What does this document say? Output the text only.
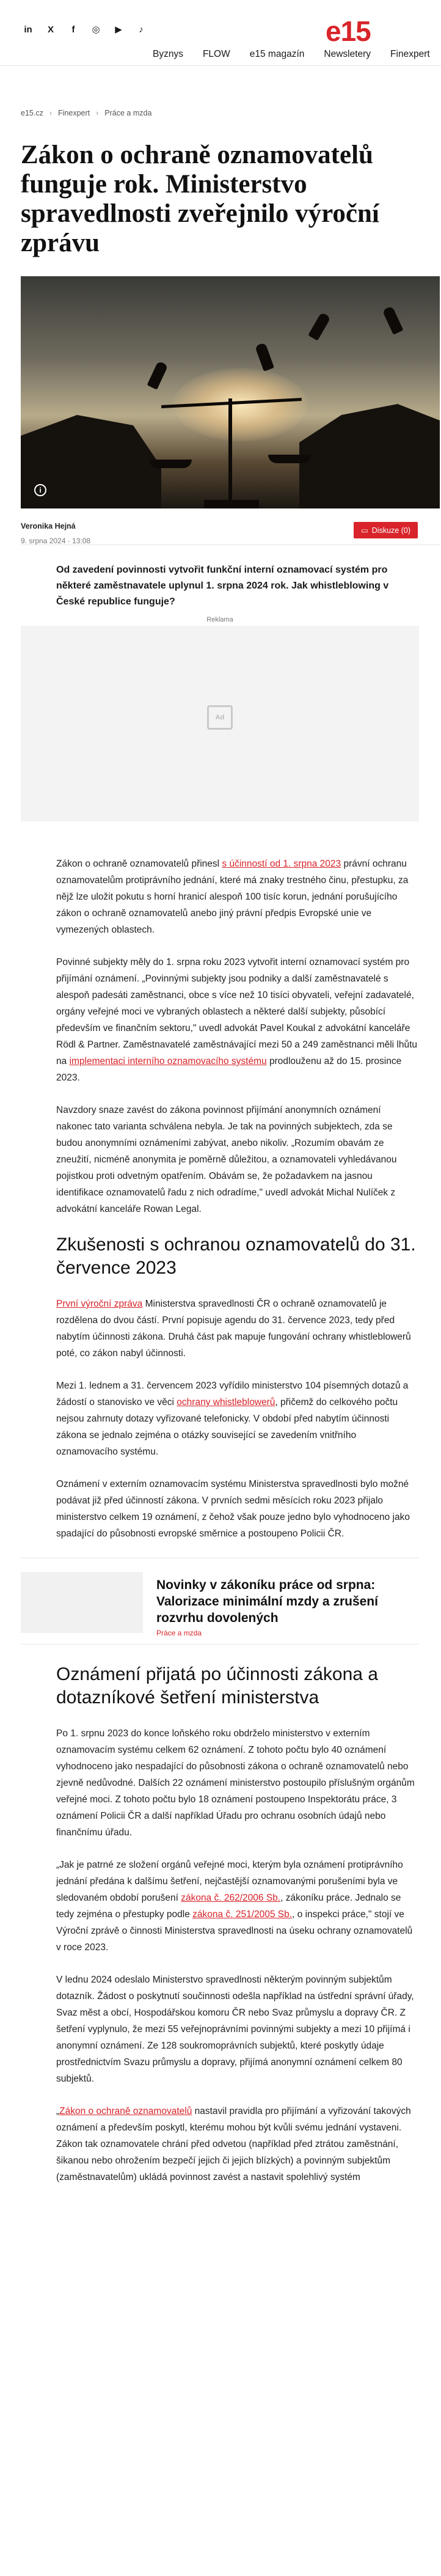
in	X	f	◎ ▶	♪	e15
Byznys	FLOW	e15 magazín	Newsletery	Finexpert
e15.cz › Finexpert › Práce a mzda
Zákon o ochraně oznamovatelů funguje rok. Ministerstvo spravedlnosti zveřejnilo výroční zprávu
i
Veronika Hejná
9. srpna 2024 · 13:08
▭ Diskuze (0)

Od zavedení povinnosti vytvořit funkční interní oznamovací systém pro některé zaměstnavatele uplynul 1. srpna 2024 rok. Jak whistleblowing v České republice funguje?

Reklama
Ad

Zákon o ochraně oznamovatelů přinesl s účinností od 1. srpna 2023 právní ochranu oznamovatelům protiprávního jednání, které má znaky trestného činu, přestupku, za nějž lze uložit pokutu s horní hranicí alespoň 100 tisíc korun, jednání porušujícího zákon o ochraně oznamovatelů anebo jiný právní předpis Evropské unie ve vymezených oblastech.

Povinné subjekty měly do 1. srpna roku 2023 vytvořit interní oznamovací systém pro přijímání oznámení. „Povinnými subjekty jsou podniky a další zaměstnavatelé s alespoň padesáti zaměstnanci, obce s více než 10 tisíci obyvateli, veřejní zadavatelé, orgány veřejné moci ve vybraných oblastech a některé další subjekty, působící především ve finančním sektoru," uvedl advokát Pavel Koukal z advokátní kanceláře Rödl & Partner. Zaměstnavatelé zaměstnávající mezi 50 a 249 zaměstnanci měli lhůtu na implementaci interního oznamovacího systému prodlouženu až do 15. prosince 2023.

Navzdory snaze zavést do zákona povinnost přijímání anonymních oznámení nakonec tato varianta schválena nebyla. Je tak na povinných subjektech, zda se budou anonymními oznámeními zabývat, anebo nikoliv. „Rozumím obavám ze zneužití, nicméně anonymita je poměrně důležitou, a oznamovateli vyhledávanou pojistkou proti odvetným opatřením. Obávám se, že požadavkem na jasnou identifikace oznamovatelů řadu z nich odradíme," uvedl advokát Michal Nulíček z advokátní kanceláře Rowan Legal.

Zkušenosti s ochranou oznamovatelů do 31. července 2023

První výroční zpráva Ministerstva spravedlnosti ČR o ochraně oznamovatelů je rozdělena do dvou částí. První popisuje agendu do 31. července 2023, tedy před nabytím účinnosti zákona. Druhá část pak mapuje fungování ochrany whistleblowerů poté, co zákon nabyl účinnosti.

Mezi 1. lednem a 31. červencem 2023 vyřídilo ministerstvo 104 písemných dotazů a žádostí o stanovisko ve věci ochrany whistleblowerů, přičemž do celkového počtu nejsou zahrnuty dotazy vyřizované telefonicky. V období před nabytím účinnosti zákona se jednalo zejména o otázky související se zavedením vnitřního oznamovacího systému.

Oznámení v externím oznamovacím systému Ministerstva spravedlnosti bylo možné podávat již před účinností zákona. V prvních sedmi měsících roku 2023 přijalo ministerstvo celkem 19 oznámení, z čehož však pouze jedno bylo vyhodnoceno jako spadající do působnosti evropské směrnice a postoupeno Policii ČR.

Novinky v zákoníku práce od srpna: Valorizace minimální mzdy a zrušení rozvrhu dovolených
Práce a mzda
Oznámení přijatá po účinnosti zákona a dotazníkové šetření ministerstva

Po 1. srpnu 2023 do konce loňského roku obdrželo ministerstvo v externím oznamovacím systému celkem 62 oznámení. Z tohoto počtu bylo 40 oznámení vyhodnoceno jako nespadající do působnosti zákona o ochraně oznamovatelů nebo zjevně nedůvodné. Dalších 22 oznámení ministerstvo postoupilo příslušným orgánům veřejné moci. Z tohoto počtu bylo 18 oznámení postoupeno Inspektorátu práce, 3 oznámení Policii ČR a další například Úřadu pro ochranu osobních údajů nebo finančnímu úřadu.

„Jak je patrné ze složení orgánů veřejné moci, kterým byla oznámení protiprávního jednání předána k dalšímu šetření, nejčastější oznamovanými porušeními byla ve sledovaném období porušení zákona č. 262/2006 Sb., zákoníku práce. Jednalo se tedy zejména o přestupky podle zákona č. 251/2005 Sb., o inspekci práce," stojí ve Výroční zprávě o činnosti Ministerstva spravedlnosti na úseku ochrany oznamovatelů v roce 2023.

V lednu 2024 odeslalo Ministerstvo spravedlnosti některým povinným subjektům dotazník. Žádost o poskytnutí součinnosti odešla například na ústřední správní úřady, Svaz měst a obcí, Hospodářskou komoru ČR nebo Svaz průmyslu a dopravy ČR. Z šetření vyplynulo, že mezi 55 veřejnoprávními povinnými subjekty a mezi 10 přijímá i anonymní oznámení. Ze 128 soukromoprávních subjektů, které poskytly údaje prostřednictvím Svazu průmyslu a dopravy, přijímá anonymní oznámení celkem 80 subjektů.

„Zákon o ochraně oznamovatelů nastavil pravidla pro přijímání a vyřizování takových oznámení a především poskytl, kterému mohou být kvůli svému jednání vystaveni. Zákon tak oznamovatele chrání před odvetou (například před ztrátou zaměstnání, šikanou nebo ohrožením bezpečí jejich či jejich blízkých) a povinným subjektům (zaměstnavatelům) ukládá povinnost zavést a nastavit spolehlivý systém
